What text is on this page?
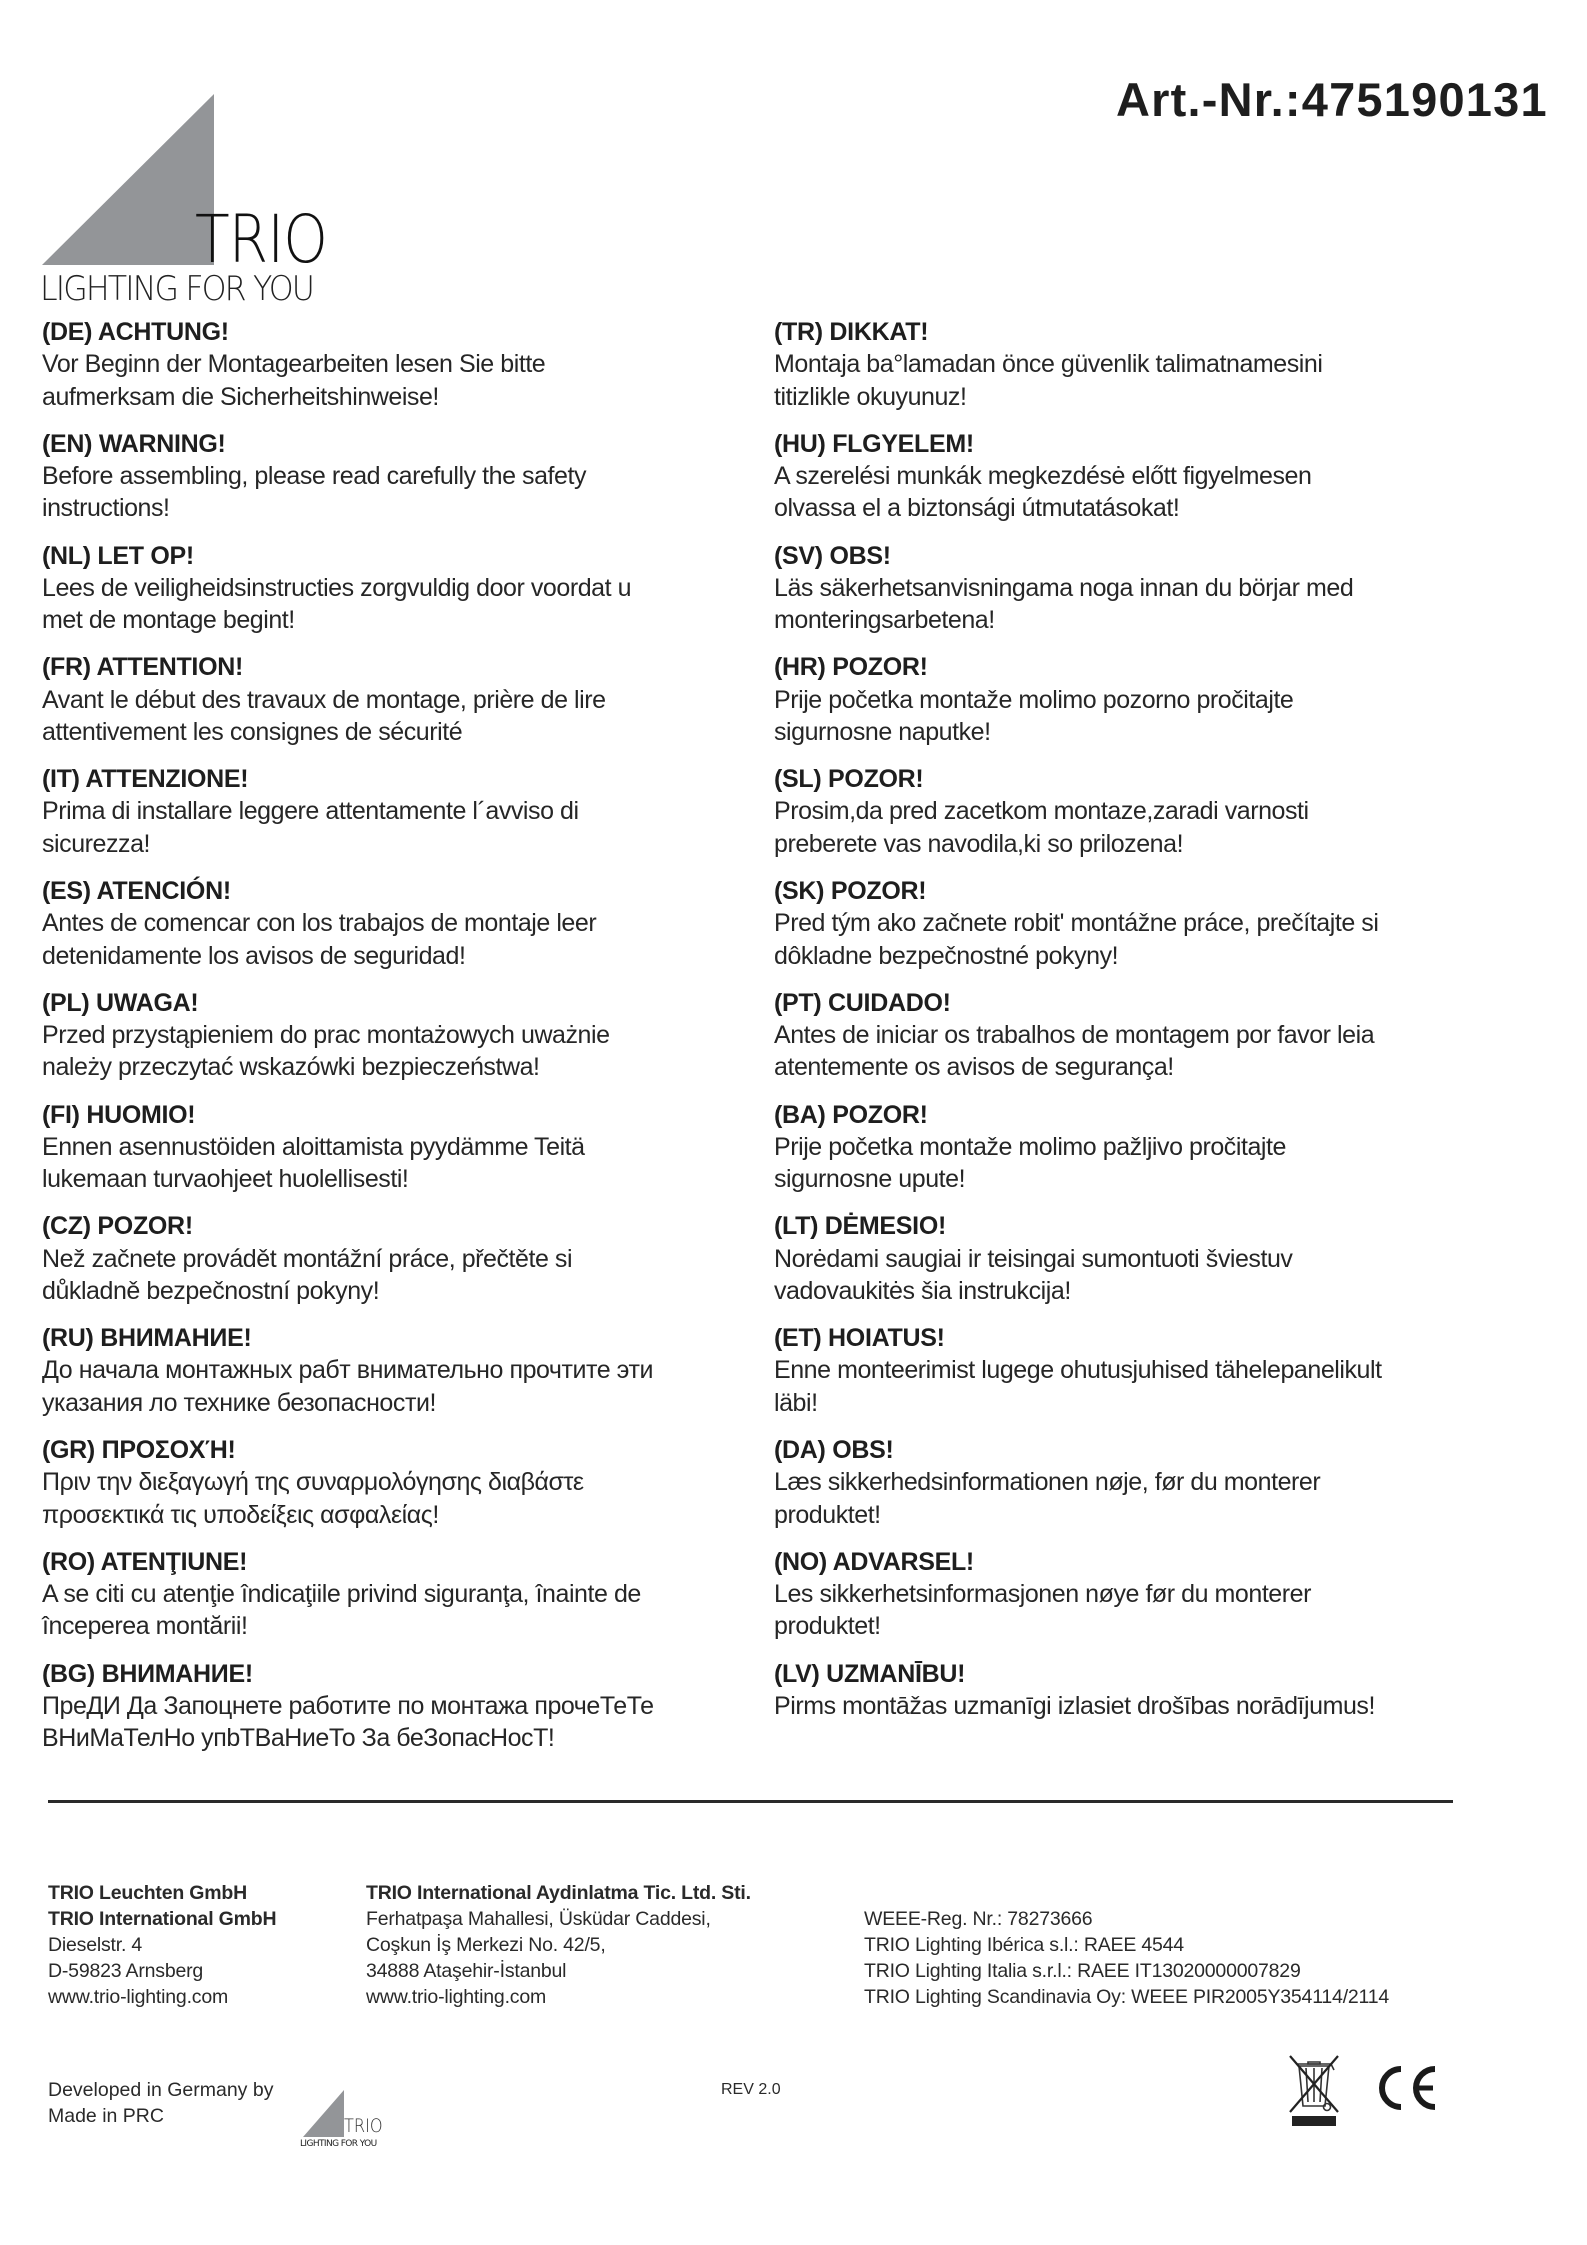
Art.-Nr.:475190131
TRIO
LIGHTING FOR YOU
(DE) ACHTUNG!
Vor Beginn der Montagearbeiten lesen Sie bitte
aufmerksam die Sicherheitshinweise!
(EN) WARNING!
Before assembling, please read carefully the safety
instructions!
(NL) LET OP!
Lees de veiligheidsinstructies zorgvuldig door voordat u
met de montage begint!
(FR) ATTENTION!
Avant le début des travaux de montage, prière de lire
attentivement les consignes de sécurité
(IT) ATTENZIONE!
Prima di installare leggere attentamente l´avviso di
sicurezza!
(ES) ATENCIÓN!
Antes de comencar con los trabajos de montaje leer
detenidamente los avisos de seguridad!
(PL) UWAGA!
Przed przystąpieniem do prac montażowych uważnie
należy przeczytać wskazówki bezpieczeństwa!
(FI) HUOMIO!
Ennen asennustöiden aloittamista pyydämme Teitä
lukemaan turvaohjeet huolellisesti!
(CZ) POZOR!
Než začnete provádět montážní práce, přečtěte si
důkladně bezpečnostní pokyny!
(RU) ВНИМАНИЕ!
До начала монтажных рабт внимательно прочтите эти
указания ло технике безопасности!
(GR) ΠΡΟΣΟΧΉ!
Πριν την διεξαγωγή της συναρμολόγησης διαβάστε
προσεκτικά τις υποδείξεις ασφαλείας!
(RO) ATENŢIUNE!
A se citi cu atenţie îndicaţiile privind siguranţa, înainte de
începerea montării!
(BG) ВНИМАНИЕ!
ПреДИ Да Запоцнете работите по монтажа прочеТеТе
ВНиМаТелНо упbТВаНиеТо За беЗопасНосТ!
(TR) DIKKAT!
Montaja ba°lamadan önce güvenlik talimatnamesini
titizlikle okuyunuz!
(HU) FLGYELEM!
A szerelési munkák megkezdésė előtt figyelmesen
olvassa el a biztonsági útmutatásokat!
(SV) OBS!
Läs säkerhetsanvisningama noga innan du börjar med
monteringsarbetena!
(HR) POZOR!
Prije početka montaže molimo pozorno pročitajte
sigurnosne naputke!
(SL) POZOR!
Prosim,da pred zacetkom montaze,zaradi varnosti
preberete vas navodila,ki so prilozena!
(SK) POZOR!
Pred tým ako začnete robit' montážne práce, prečítajte si
dôkladne bezpečnostné pokyny!
(PT) CUIDADO!
Antes de iniciar os trabalhos de montagem por favor leia
atentemente os avisos de segurança!
(BA) POZOR!
Prije početka montaže molimo pažljivo pročitajte
sigurnosne upute!
(LT) DĖMESIO!
Norėdami saugiai ir teisingai sumontuoti šviestuv
vadovaukitės šia instrukcija!
(ET) HOIATUS!
Enne monteerimist lugege ohutusjuhised tähelepanelikult
läbi!
(DA) OBS!
Læs sikkerhedsinformationen nøje, før du monterer
produktet!
(NO) ADVARSEL!
Les sikkerhetsinformasjonen nøye før du monterer
produktet!
(LV) UZMANĪBU!
Pirms montāžas uzmanīgi izlasiet drošības norādījumus!
TRIO Leuchten GmbH
TRIO International GmbH
Dieselstr. 4
D-59823 Arnsberg
www.trio-lighting.com
TRIO International Aydinlatma Tic. Ltd. Sti.
Ferhatpaşa Mahallesi, Üsküdar Caddesi,
Coşkun İş Merkezi No. 42/5,
34888 Ataşehir-İstanbul
www.trio-lighting.com
WEEE-Reg. Nr.: 78273666
TRIO Lighting Ibérica s.l.: RAEE 4544
TRIO Lighting Italia s.r.l.: RAEE IT13020000007829
TRIO Lighting Scandinavia Oy: WEEE PIR2005Y354114/2114
Developed in Germany by
Made in PRC	TRIO
LIGHTING FOR YOU
REV 2.0
